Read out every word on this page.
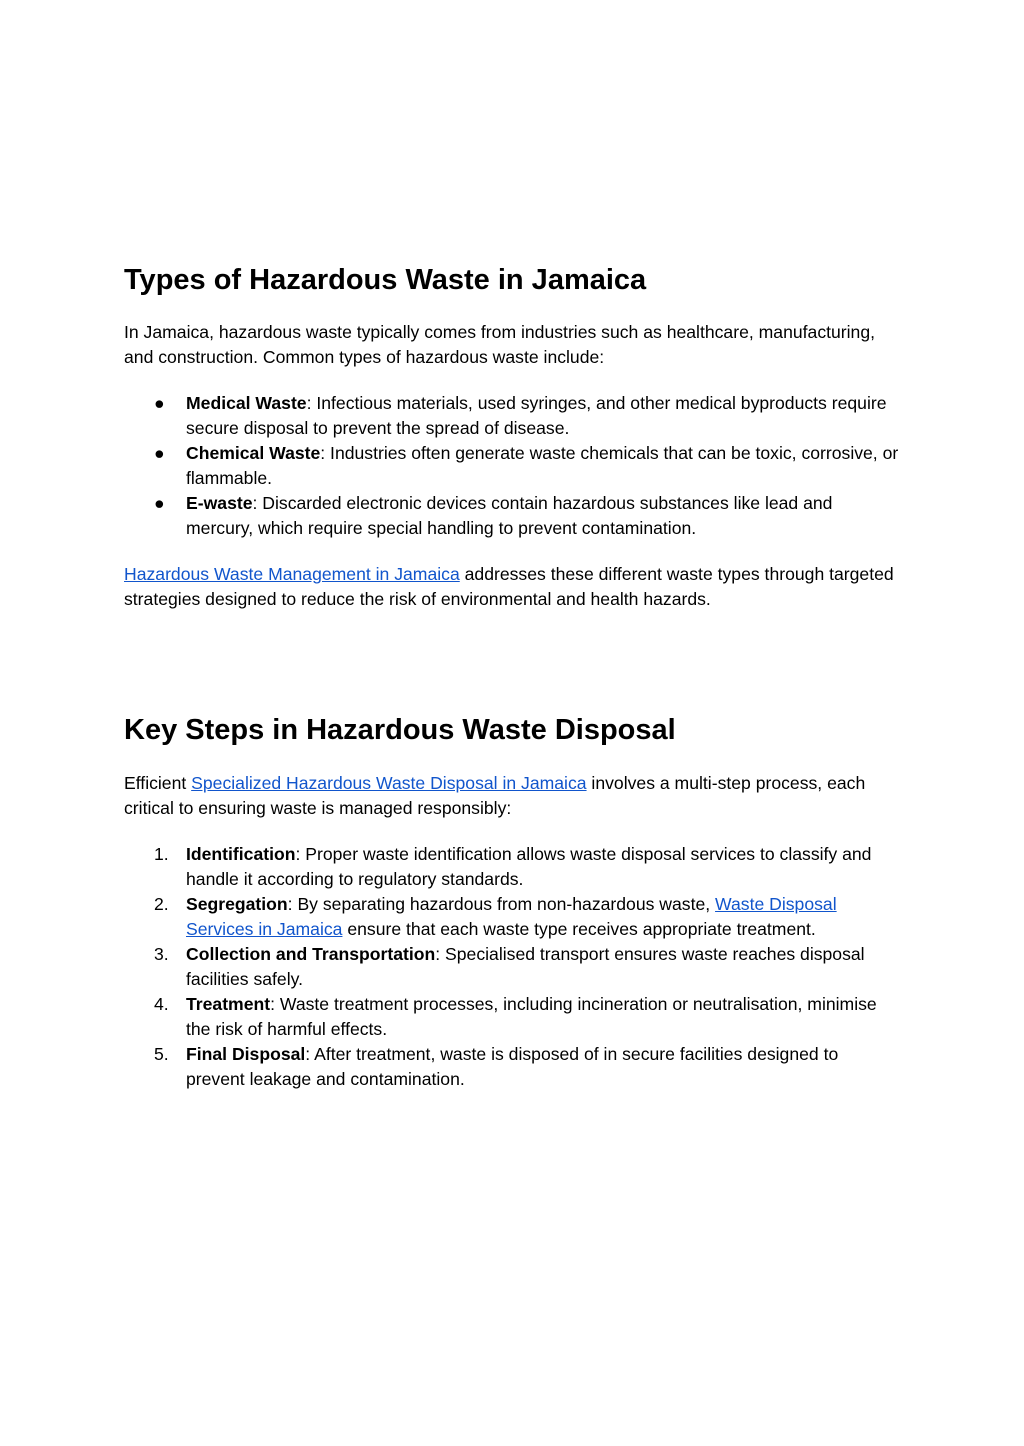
Types of Hazardous Waste in Jamaica

In Jamaica, hazardous waste typically comes from industries such as healthcare, manufacturing, and construction. Common types of hazardous waste include:

●	Medical Waste: Infectious materials, used syringes, and other medical byproducts require secure disposal to prevent the spread of disease.
●	Chemical Waste: Industries often generate waste chemicals that can be toxic, corrosive, or flammable.
●	E-waste: Discarded electronic devices contain hazardous substances like lead and mercury, which require special handling to prevent contamination.

Hazardous Waste Management in Jamaica addresses these different waste types through targeted strategies designed to reduce the risk of environmental and health hazards.

Key Steps in Hazardous Waste Disposal

Efficient Specialized Hazardous Waste Disposal in Jamaica involves a multi-step process, each critical to ensuring waste is managed responsibly:

1. Identification: Proper waste identification allows waste disposal services to classify and handle it according to regulatory standards.
2. Segregation: By separating hazardous from non-hazardous waste, Waste Disposal Services in Jamaica ensure that each waste type receives appropriate treatment.
3. Collection and Transportation: Specialised transport ensures waste reaches disposal facilities safely.
4. Treatment: Waste treatment processes, including incineration or neutralisation, minimise the risk of harmful effects.
5. Final Disposal: After treatment, waste is disposed of in secure facilities designed to prevent leakage and contamination.
